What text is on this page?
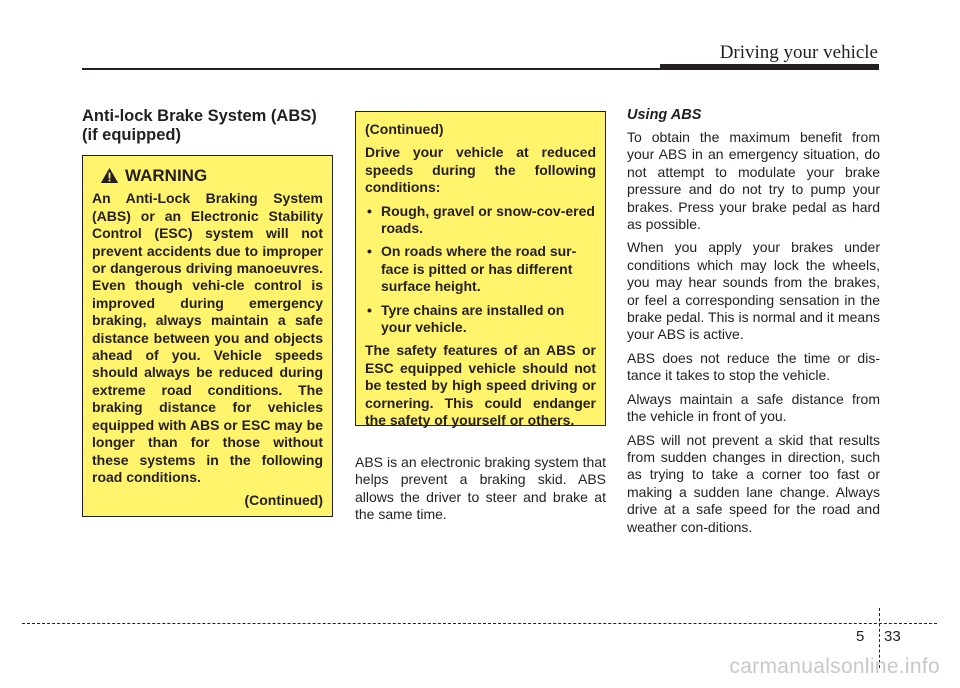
Driving your vehicle
Anti-lock Brake System (ABS) (if equipped)
WARNING

An Anti-Lock Braking System (ABS) or an Electronic Stability Control (ESC) system will not prevent accidents due to improper or dangerous driving manoeuvres. Even though vehi-cle control is improved during emergency braking, always maintain a safe distance between you and objects ahead of you. Vehicle speeds should always be reduced during extreme road conditions. The braking distance for vehicles equipped with ABS or ESC may be longer than for those without these systems in the following road conditions.

(Continued)

(Continued)

Drive your vehicle at reduced speeds during the following conditions:

• Rough, gravel or snow-cov-ered roads.
• On roads where the road sur-face is pitted or has different surface height.
• Tyre chains are installed on your vehicle.

The safety features of an ABS or ESC equipped vehicle should not be tested by high speed driving or cornering. This could endanger the safety of yourself or others.

ABS is an electronic braking system that helps prevent a braking skid. ABS allows the driver to steer and brake at the same time.

Using ABS

To obtain the maximum benefit from your ABS in an emergency situation, do not attempt to modulate your brake pressure and do not try to pump your brakes. Press your brake pedal as hard as possible.

When you apply your brakes under conditions which may lock the wheels, you may hear sounds from the brakes, or feel a corresponding sensation in the brake pedal. This is normal and it means your ABS is active.

ABS does not reduce the time or dis-tance it takes to stop the vehicle.

Always maintain a safe distance from the vehicle in front of you.

ABS will not prevent a skid that results from sudden changes in direction, such as trying to take a corner too fast or making a sudden lane change. Always drive at a safe speed for the road and weather con-ditions.

5 33
carmanualsonline.info
